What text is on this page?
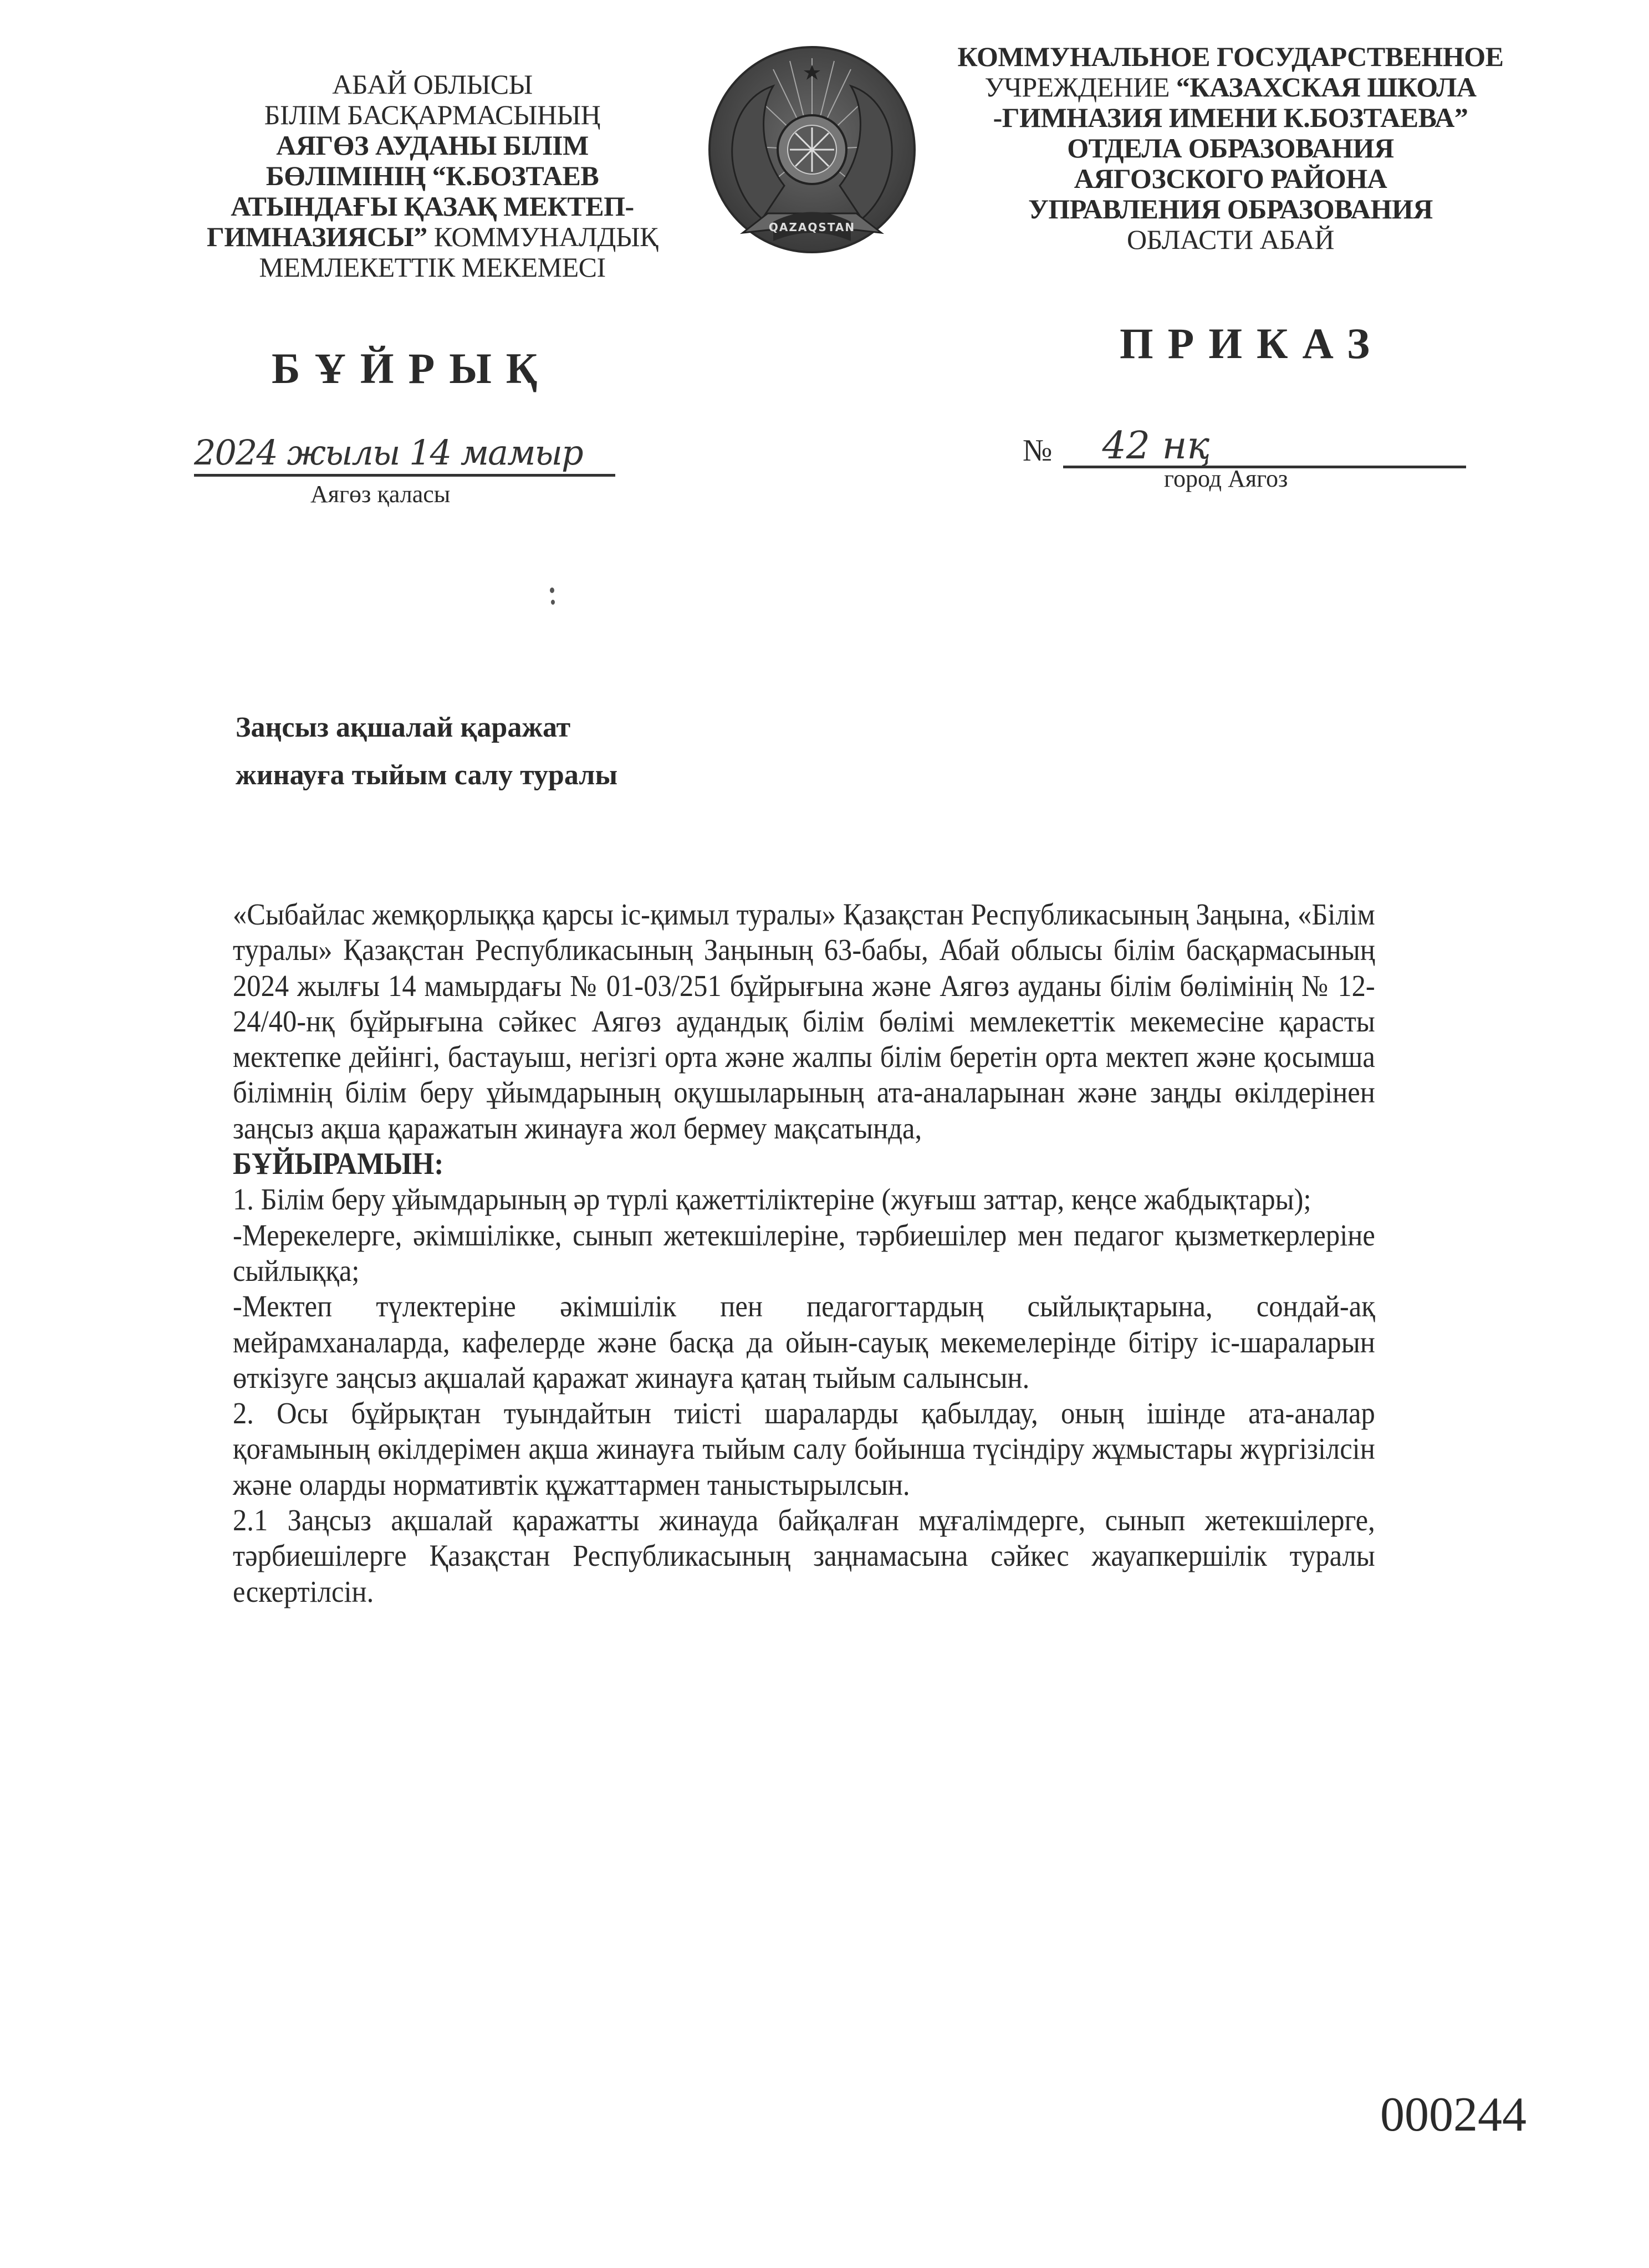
АБАЙ ОБЛЫСЫ
БІЛІМ БАСҚАРМАСЫНЫҢ
АЯГӨЗ АУДАНЫ БІЛІМ
БӨЛІМІНІҢ “К.БОЗТАЕВ
АТЫНДАҒЫ ҚАЗАҚ МЕКТЕП-
ГИМНАЗИЯСЫ” КОММУНАЛДЫҚ
МЕМЛЕКЕТТІК МЕКЕМЕСІ
QAZAQSTAN
КОММУНАЛЬНОЕ ГОСУДАРСТВЕННОЕ
УЧРЕЖДЕНИЕ “КАЗАХСКАЯ ШКОЛА
-ГИМНАЗИЯ ИМЕНИ К.БОЗТАЕВА”
ОТДЕЛА ОБРАЗОВАНИЯ
АЯГОЗСКОГО РАЙОНА
УПРАВЛЕНИЯ ОБРАЗОВАНИЯ
ОБЛАСТИ АБАЙ
БҰЙРЫҚ
ПРИКАЗ
2024 жылы 14 мамыр
Аягөз қаласы
№	42 нқ
город Аягоз
Заңсыз ақшалай қаражат
жинауға тыйым салу туралы

«Сыбайлас жемқорлыққа қарсы іс-қимыл туралы» Қазақстан Республикасының Заңына, «Білім туралы» Қазақстан Республикасының Заңының 63-бабы, Абай облысы білім басқармасының 2024 жылғы 14 мамырдағы № 01-03/251 бұйрығына және Аягөз ауданы білім бөлімінің № 12-24/40-нқ бұйрығына сәйкес Аягөз аудандық білім бөлімі мемлекеттік мекемесіне қарасты мектепке дейінгі, бастауыш, негізгі орта және жалпы білім беретін орта мектеп және қосымша білімнің білім беру ұйымдарының оқушыларының ата-аналарынан және заңды өкілдерінен заңсыз ақша қаражатын жинауға жол бермеу мақсатында,

БҰЙЫРАМЫН:

1. Білім беру ұйымдарының әр түрлі қажеттіліктеріне (жуғыш заттар, кеңсе жабдықтары);

-Мерекелерге, әкімшілікке, сынып жетекшілеріне, тәрбиешілер мен педагог қызметкерлеріне сыйлыққа;

-Мектеп түлектеріне әкімшілік пен педагогтардың сыйлықтарына, сондай-ақ мейрамханаларда, кафелерде және басқа да ойын-сауық мекемелерінде бітіру іс-шараларын өткізуге заңсыз ақшалай қаражат жинауға қатаң тыйым салынсын.

2. Осы бұйрықтан туындайтын тиісті шараларды қабылдау, оның ішінде ата-аналар қоғамының өкілдерімен ақша жинауға тыйым салу бойынша түсіндіру жұмыстары жүргізілсін және оларды нормативтік құжаттармен таныстырылсын.

2.1 Заңсыз ақшалай қаражатты жинауда байқалған мұғалімдерге, сынып жетекшілерге, тәрбиешілерге Қазақстан Республикасының заңнамасына сәйкес жауапкершілік туралы ескертілсін.

000244
